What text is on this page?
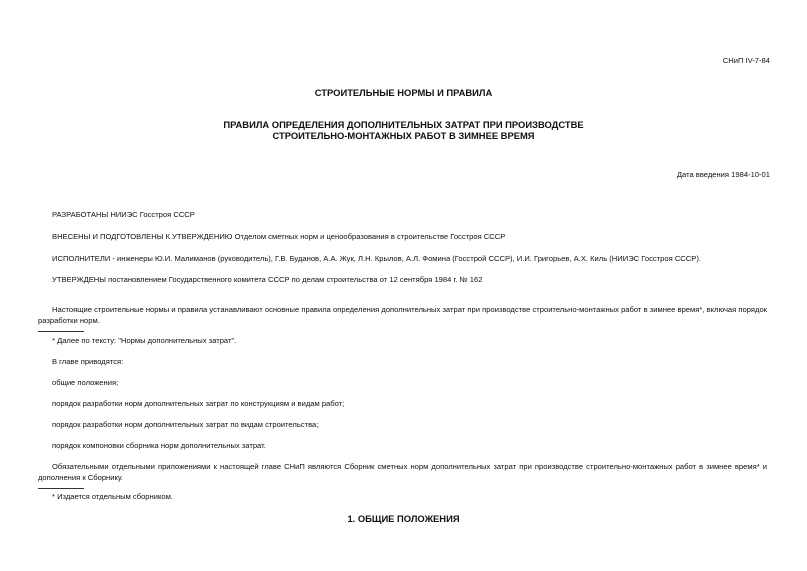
СНиП IV-7-84
СТРОИТЕЛЬНЫЕ НОРМЫ И ПРАВИЛА
ПРАВИЛА ОПРЕДЕЛЕНИЯ ДОПОЛНИТЕЛЬНЫХ ЗАТРАТ ПРИ ПРОИЗВОДСТВЕ
СТРОИТЕЛЬНО-МОНТАЖНЫХ РАБОТ В ЗИМНЕЕ ВРЕМЯ
Дата введения 1984-10-01
РАЗРАБОТАНЫ НИИЭС Госстроя СССР
ВНЕСЕНЫ И ПОДГОТОВЛЕНЫ К УТВЕРЖДЕНИЮ Отделом сметных норм и ценообразования в строительстве Госстроя СССР
ИСПОЛНИТЕЛИ - инженеры Ю.И. Малиманов (руководитель), Г.В. Буданов, А.А. Жук, Л.Н. Крылов, А.Л. Фомина (Госстрой СССР), И.И. Григорьев, А.Х. Киль (НИИЭС Госстроя СССР).
УТВЕРЖДЕНЫ постановлением Государственного комитета СССР по делам строительства от 12 сентября 1984 г. № 162
Настоящие строительные нормы и правила устанавливают основные правила определения дополнительных затрат при производстве строительно-монтажных работ в зимнее время*, включая порядок разработки норм.
* Далее по тексту: "Нормы дополнительных затрат".
В главе приводятся:
общие положения;
порядок разработки норм дополнительных затрат по конструкциям и видам работ;
порядок разработки норм дополнительных затрат по видам строительства;
порядок компоновки сборника норм дополнительных затрат.
Обязательными отдельными приложениями к настоящей главе СНиП являются Сборник сметных норм дополнительных затрат при производстве строительно-монтажных работ в зимнее время* и дополнения к Сборнику.
* Издается отдельным сборником.
1. ОБЩИЕ ПОЛОЖЕНИЯ
